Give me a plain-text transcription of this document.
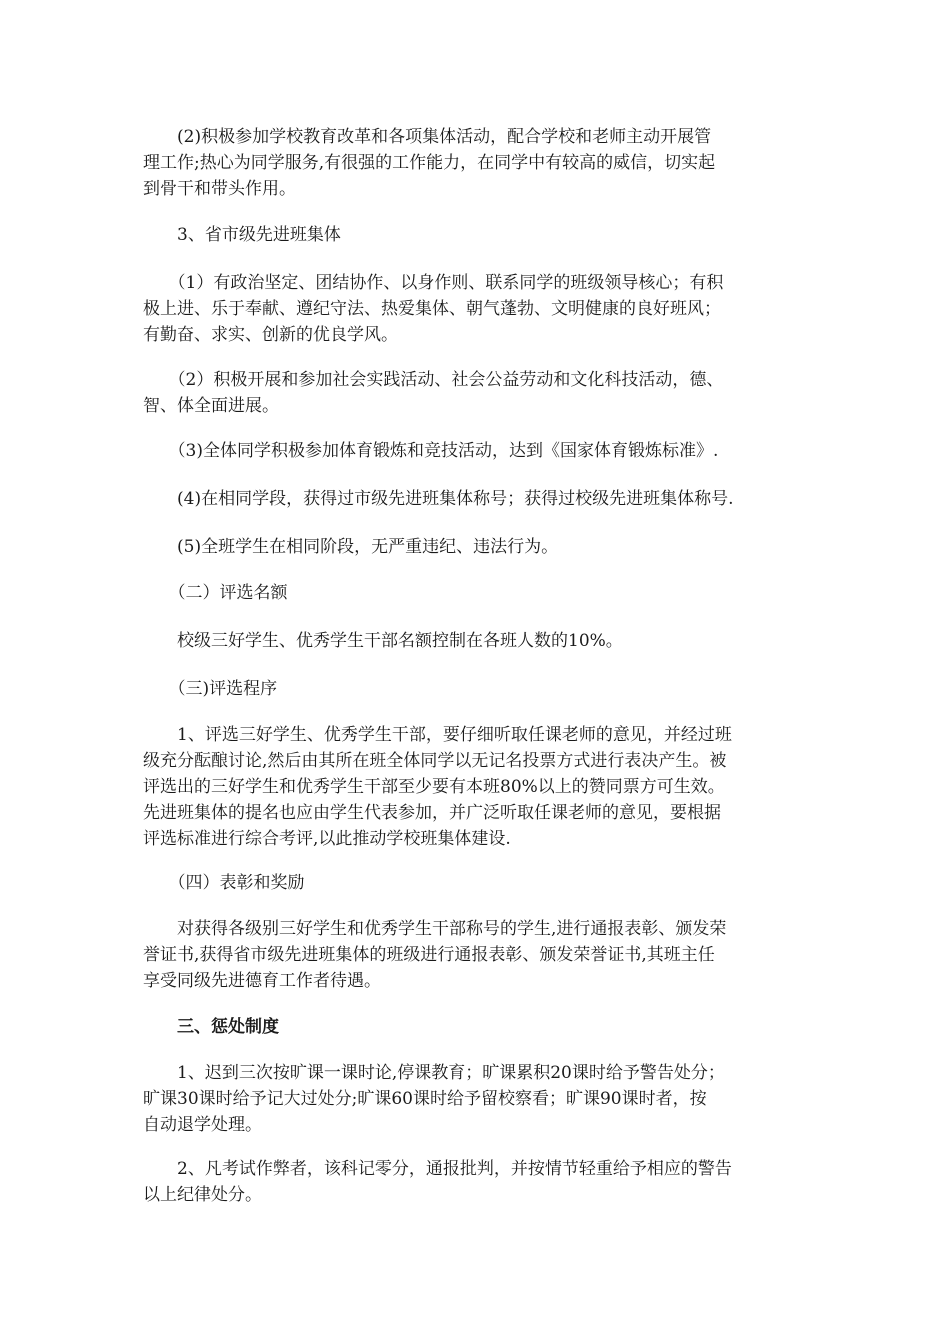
　　(2)积极参加学校教育改革和各项集体活动，配合学校和老师主动开展管
理工作;热心为同学服务,有很强的工作能力，在同学中有较高的威信，切实起
到骨干和带头作用。
　　3、省市级先进班集体
　　（1）有政治坚定、团结协作、以身作则、联系同学的班级领导核心；有积
极上进、乐于奉献、遵纪守法、热爱集体、朝气蓬勃、文明健康的良好班风；
有勤奋、求实、创新的优良学风。
　　（2）积极开展和参加社会实践活动、社会公益劳动和文化科技活动，德、
智、体全面进展。
　　（3)全体同学积极参加体育锻炼和竞技活动，达到《国家体育锻炼标准》.
　　(4)在相同学段，获得过市级先进班集体称号；获得过校级先进班集体称号.
　　(5)全班学生在相同阶段，无严重违纪、违法行为。
　　（二）评选名额
　　校级三好学生、优秀学生干部名额控制在各班人数的10%。
　　（三)评选程序
　　1、评选三好学生、优秀学生干部，要仔细听取任课老师的意见，并经过班
级充分酝酿讨论,然后由其所在班全体同学以无记名投票方式进行表决产生。被
评选出的三好学生和优秀学生干部至少要有本班80%以上的赞同票方可生效。
先进班集体的提名也应由学生代表参加，并广泛听取任课老师的意见，要根据
评选标准进行综合考评,以此推动学校班集体建设.
　　（四）表彰和奖励
　　对获得各级别三好学生和优秀学生干部称号的学生,进行通报表彰、颁发荣
誉证书,获得省市级先进班集体的班级进行通报表彰、颁发荣誉证书,其班主任
享受同级先进德育工作者待遇。
　　三、惩处制度
　　1、迟到三次按旷课一课时论,停课教育；旷课累积20课时给予警告处分；
旷课30课时给予记大过处分;旷课60课时给予留校察看；旷课90课时者，按
自动退学处理。
　　2、凡考试作弊者，该科记零分，通报批判，并按情节轻重给予相应的警告
以上纪律处分。
